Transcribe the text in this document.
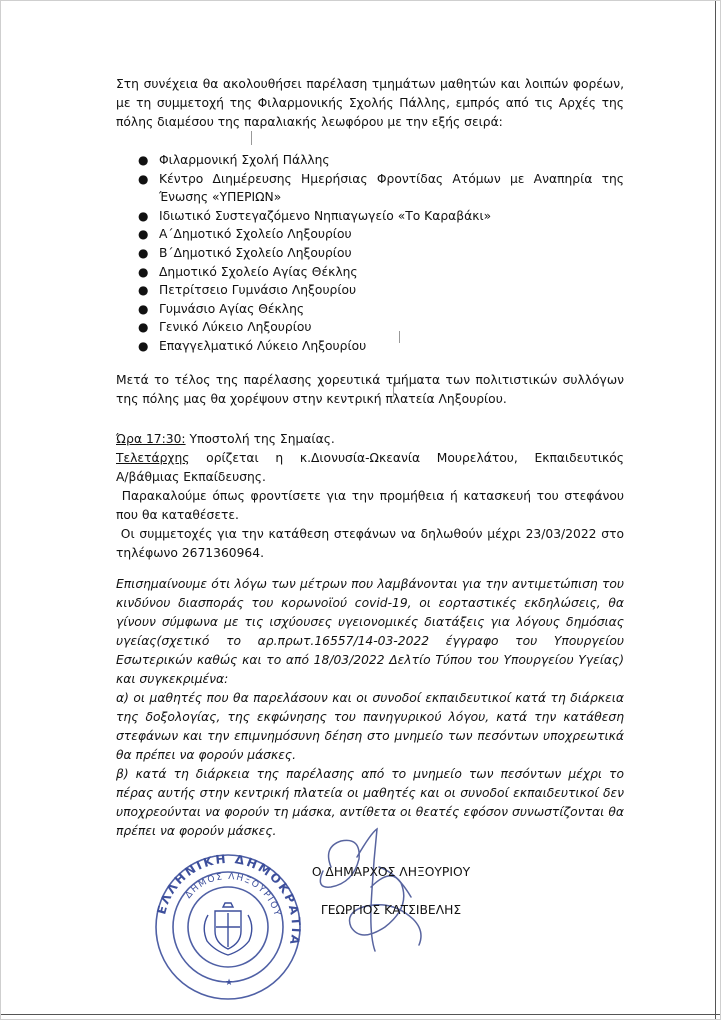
Στη συνέχεια θα ακολουθήσει παρέλαση τμημάτων μαθητών και λοιπών φορέων,

με τη συμμετοχή της Φιλαρμονικής Σχολής Πάλλης, εμπρός από τις Αρχές της

πόλης διαμέσου της παραλιακής λεωφόρου με την εξής σειρά:

● Φιλαρμονική Σχολή Πάλλης
● Κέντρο Διημέρευσης Ημερήσιας Φροντίδας Ατόμων με Αναπηρία της
Ένωσης «ΥΠΕΡΙΩΝ»
● Ιδιωτικό Συστεγαζόμενο Νηπιαγωγείο «Το Καραβάκι»
● Α΄Δημοτικό Σχολείο Ληξουρίου
● Β΄Δημοτικό Σχολείο Ληξουρίου
● Δημοτικό Σχολείο Αγίας Θέκλης
● Πετρίτσειο Γυμνάσιο Ληξουρίου
● Γυμνάσιο Αγίας Θέκλης
● Γενικό Λύκειο Ληξουρίου
● Επαγγελματικό Λύκειο Ληξουρίου

Μετά το τέλος της παρέλασης χορευτικά τμήματα των πολιτιστικών συλλόγων

της πόλης μας θα χορέψουν στην κεντρική πλατεία Ληξουρίου.

Ώρα 17:30: Υποστολή της Σημαίας.

Τελετάρχης ορίζεται η κ.Διονυσία-Ωκεανία Μουρελάτου, Εκπαιδευτικός

Α/βάθμιας Εκπαίδευσης.

Παρακαλούμε όπως φροντίσετε για την προμήθεια ή κατασκευή του στεφάνου

που θα καταθέσετε.

Οι συμμετοχές για την κατάθεση στεφάνων να δηλωθούν μέχρι 23/03/2022 στο

τηλέφωνο 2671360964.

Επισημαίνουμε ότι λόγω των μέτρων που λαμβάνονται για την αντιμετώπιση του

κινδύνου διασποράς του κορωνοϊού covid-19, οι εορταστικές εκδηλώσεις, θα

γίνουν σύμφωνα με τις ισχύουσες υγειονομικές διατάξεις για λόγους δημόσιας

υγείας(σχετικό το αρ.πρωτ.16557/14-03-2022 έγγραφο του Υπουργείου

Εσωτερικών καθώς και το από 18/03/2022 Δελτίο Τύπου του Υπουργείου Υγείας)

και συγκεκριμένα:

α) οι μαθητές που θα παρελάσουν και οι συνοδοί εκπαιδευτικοί κατά τη διάρκεια

της δοξολογίας, της εκφώνησης του πανηγυρικού λόγου, κατά την κατάθεση

στεφάνων και την επιμνημόσυνη δέηση στο μνημείο των πεσόντων υποχρεωτικά

θα πρέπει να φορούν μάσκες.

β) κατά τη διάρκεια της παρέλασης από το μνημείο των πεσόντων μέχρι το

πέρας αυτής στην κεντρική πλατεία οι μαθητές και οι συνοδοί εκπαιδευτικοί δεν

υποχρεούνται να φορούν τη μάσκα, αντίθετα οι θεατές εφόσον συνωστίζονται θα

πρέπει να φορούν μάσκες.

ΕΛΛΗΝΙΚΗ ΔΗΜΟΚΡΑΤΙΑ
ΔΗΜΟΣ ΛΗΞΟΥΡΙΟΥ
★
Ο ΔΗΜΑΡΧΟΣ ΛΗΞΟΥΡΙΟΥ
ΓΕΩΡΓΙΟΣ ΚΑΤΣΙΒΕΛΗΣ
